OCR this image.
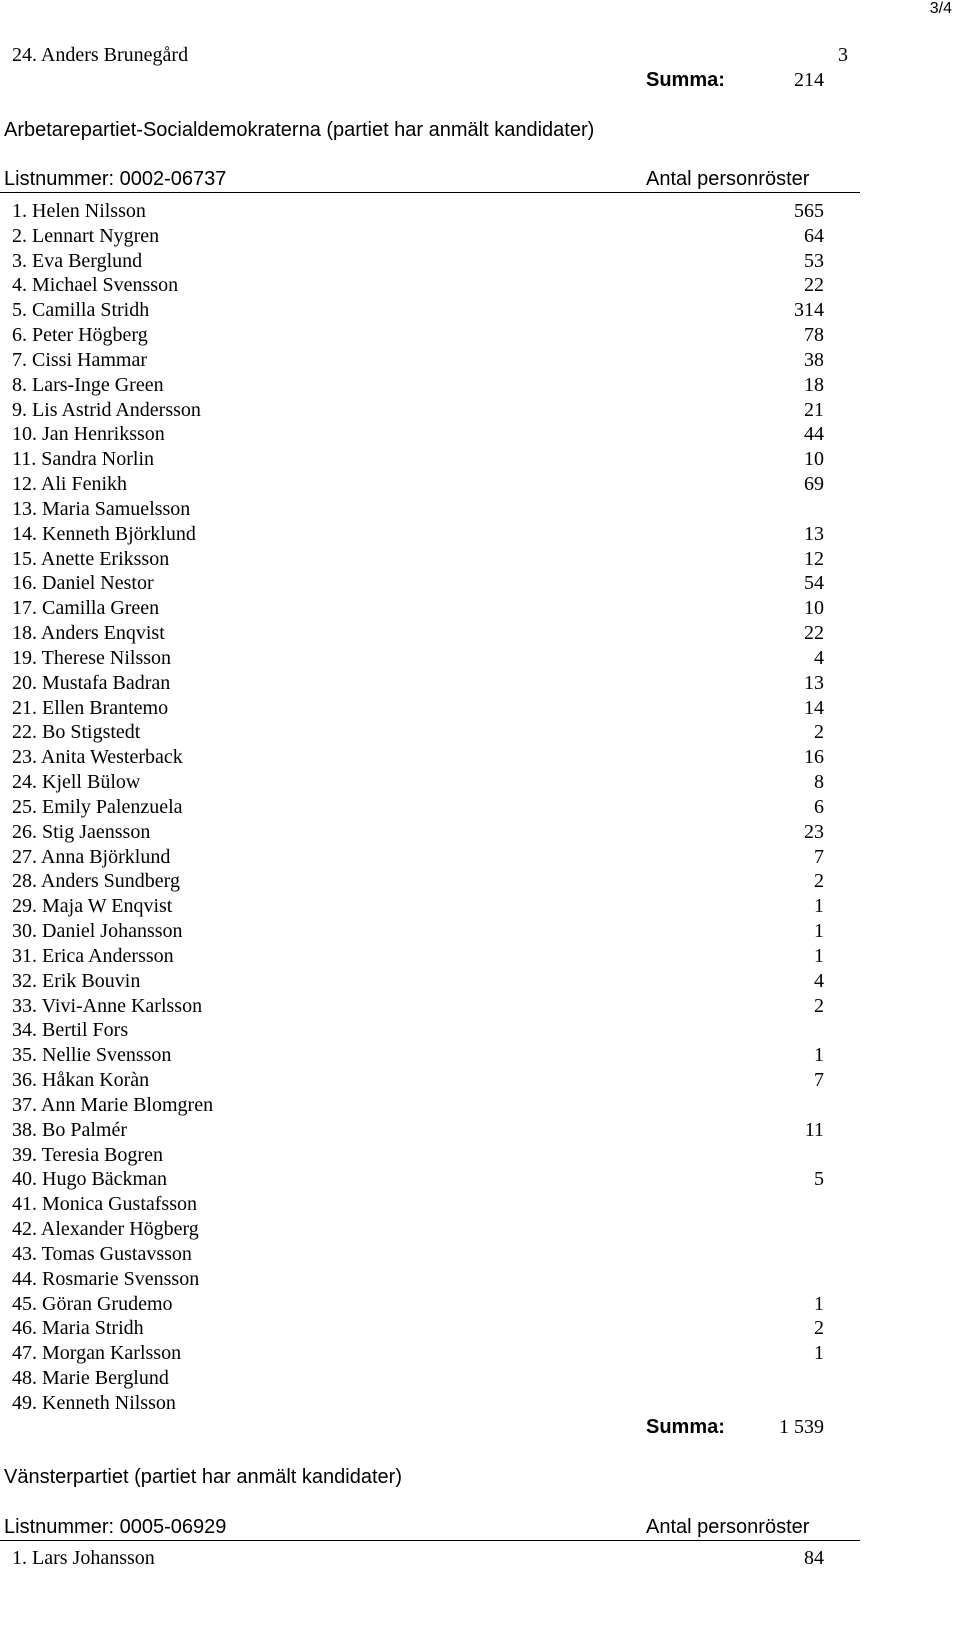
3/4
24. Anders Brunegård	3
Summa:	214
Arbetarepartiet-Socialdemokraterna (partiet har anmält kandidater)
Listnummer: 0002-06737	Antal personröster
1. Helen Nilsson	565
2. Lennart Nygren	64
3. Eva Berglund	53
4. Michael Svensson	22
5. Camilla Stridh	314
6. Peter Högberg	78
7. Cissi Hammar	38
8. Lars-Inge Green	18
9. Lis Astrid Andersson	21
10. Jan Henriksson	44
11. Sandra Norlin	10
12. Ali Fenikh	69
13. Maria Samuelsson
14. Kenneth Björklund	13
15. Anette Eriksson	12
16. Daniel Nestor	54
17. Camilla Green	10
18. Anders Enqvist	22
19. Therese Nilsson	4
20. Mustafa Badran	13
21. Ellen Brantemo	14
22. Bo Stigstedt	2
23. Anita Westerback	16
24. Kjell Bülow	8
25. Emily Palenzuela	6
26. Stig Jaensson	23
27. Anna Björklund	7
28. Anders Sundberg	2
29. Maja W Enqvist	1
30. Daniel Johansson	1
31. Erica Andersson	1
32. Erik Bouvin	4
33. Vivi-Anne Karlsson	2
34. Bertil Fors
35. Nellie Svensson	1
36. Håkan Koràn	7
37. Ann Marie Blomgren
38. Bo Palmér	11
39. Teresia Bogren
40. Hugo Bäckman	5
41. Monica Gustafsson
42. Alexander Högberg
43. Tomas Gustavsson
44. Rosmarie Svensson
45. Göran Grudemo	1
46. Maria Stridh	2
47. Morgan Karlsson	1
48. Marie Berglund
49. Kenneth Nilsson
Summa:	1 539
Vänsterpartiet (partiet har anmält kandidater)
Listnummer: 0005-06929	Antal personröster
1. Lars Johansson	84
